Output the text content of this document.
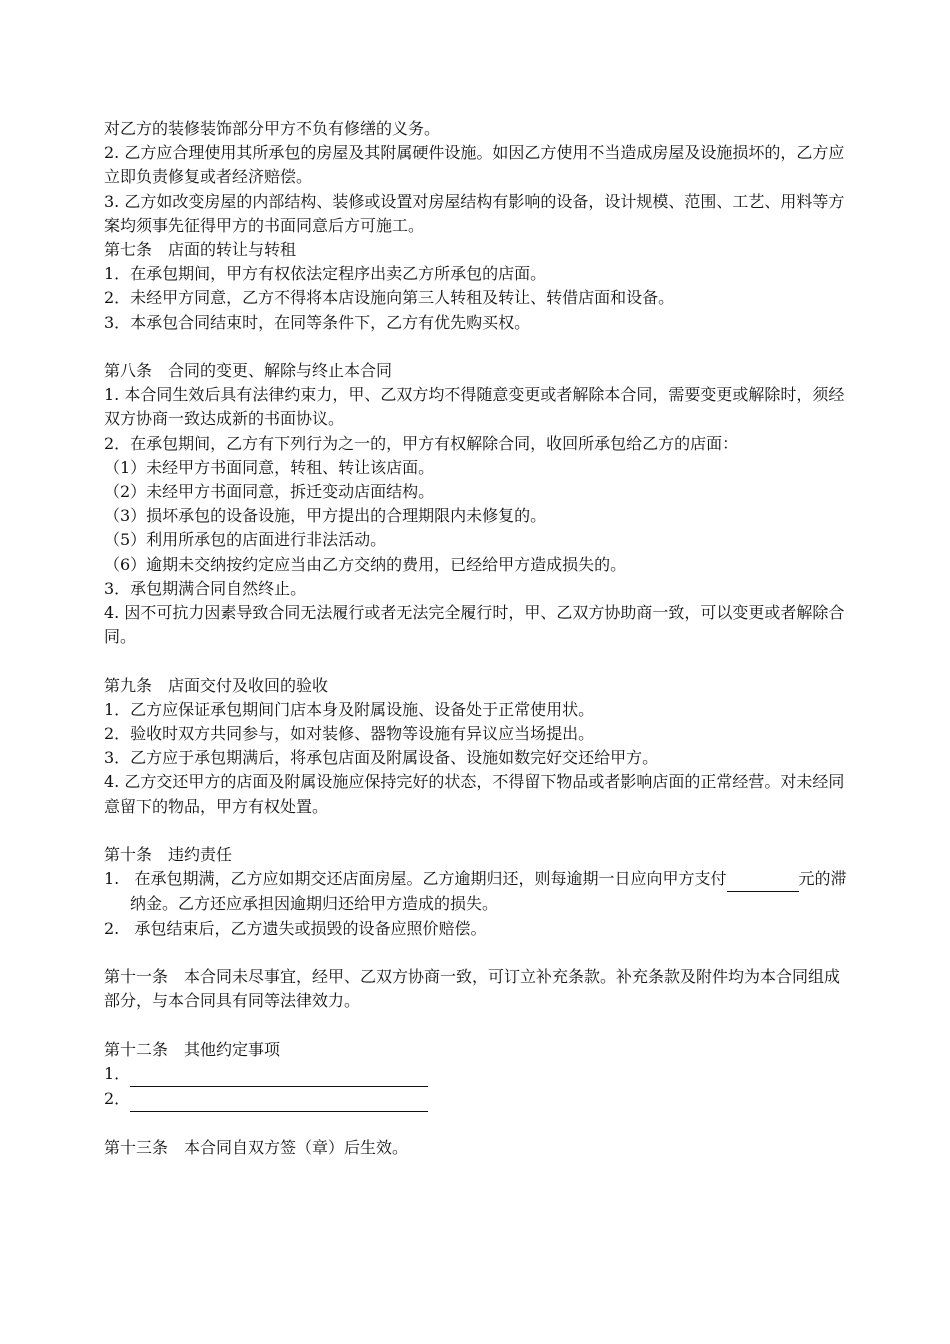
对乙方的装修装饰部分甲方不负有修缮的义务。

2. 乙方应合理使用其所承包的房屋及其附属硬件设施。如因乙方使用不当造成房屋及设施损坏的，乙方应立即负责修复或者经济赔偿。

3. 乙方如改变房屋的内部结构、装修或设置对房屋结构有影响的设备，设计规模、范围、工艺、用料等方案均须事先征得甲方的书面同意后方可施工。

第七条　店面的转让与转租

1．在承包期间，甲方有权依法定程序出卖乙方所承包的店面。

2．未经甲方同意，乙方不得将本店设施向第三人转租及转让、转借店面和设备。

3．本承包合同结束时，在同等条件下，乙方有优先购买权。

第八条　合同的变更、解除与终止本合同

1. 本合同生效后具有法律约束力，甲、乙双方均不得随意变更或者解除本合同，需要变更或解除时，须经双方协商一致达成新的书面协议。

2．在承包期间，乙方有下列行为之一的，甲方有权解除合同，收回所承包给乙方的店面：

（1）未经甲方书面同意，转租、转让该店面。

（2）未经甲方书面同意，拆迁变动店面结构。

（3）损坏承包的设备设施，甲方提出的合理期限内未修复的。

（5）利用所承包的店面进行非法活动。

（6）逾期未交纳按约定应当由乙方交纳的费用，已经给甲方造成损失的。

3．承包期满合同自然终止。

4. 因不可抗力因素导致合同无法履行或者无法完全履行时，甲、乙双方协助商一致，可以变更或者解除合同。

第九条　店面交付及收回的验收

1．乙方应保证承包期间门店本身及附属设施、设备处于正常使用状。

2．验收时双方共同参与，如对装修、器物等设施有异议应当场提出。

3．乙方应于承包期满后，将承包店面及附属设备、设施如数完好交还给甲方。

4. 乙方交还甲方的店面及附属设施应保持完好的状态，不得留下物品或者影响店面的正常经营。对未经同意留下的物品，甲方有权处置。

第十条　违约责任

1. 在承包期满，乙方应如期交还店面房屋。乙方逾期归还，则每逾期一日应向甲方支付	元的滞纳金。乙方还应承担因逾期归还给甲方造成的损失。

2. 承包结束后，乙方遗失或损毁的设备应照价赔偿。

第十一条　本合同未尽事宜，经甲、乙双方协商一致，可订立补充条款。补充条款及附件均为本合同组成部分，与本合同具有同等法律效力。

第十二条　其他约定事项

1．

2．

第十三条　本合同自双方签（章）后生效。
